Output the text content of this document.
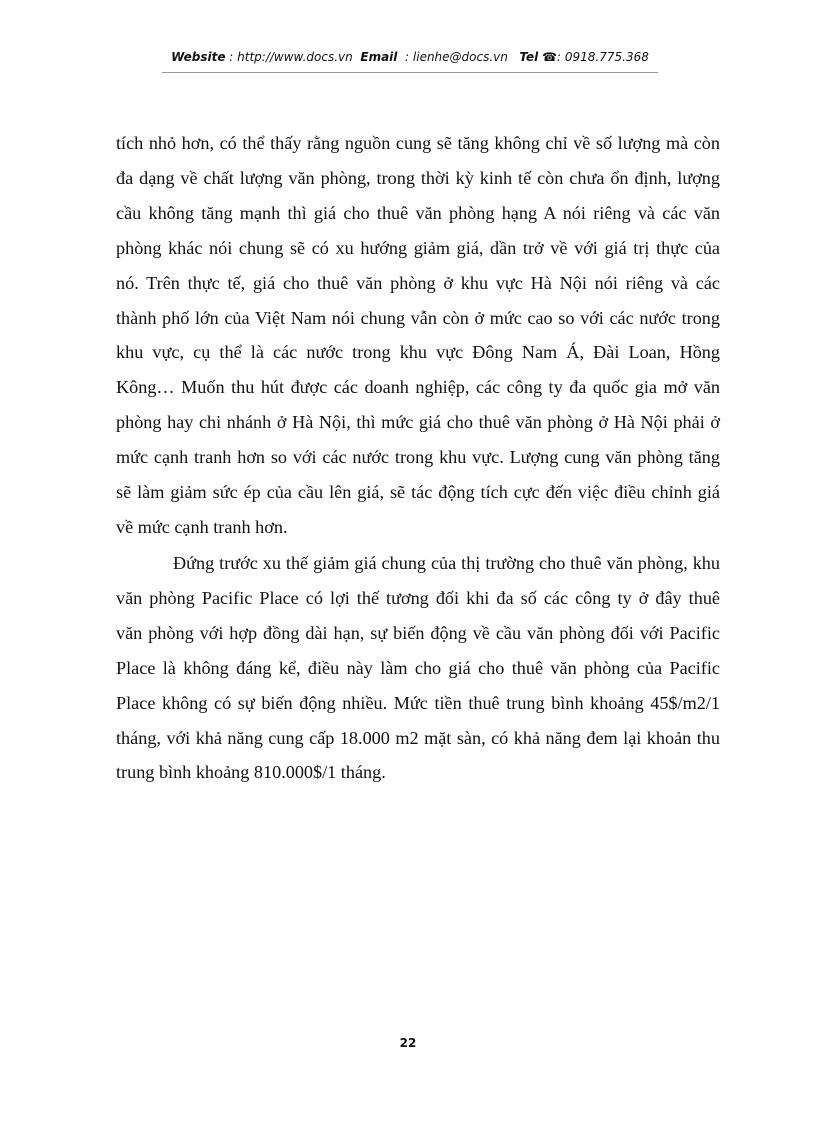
Website : http://www.docs.vn Email : lienhe@docs.vn Tel ☎: 0918.775.368
tích nhỏ hơn, có thể thấy rằng nguồn cung sẽ tăng không chỉ về số lượng mà còn
đa dạng về chất lượng văn phòng, trong thời kỳ kinh tế còn chưa ổn định, lượng
cầu không tăng mạnh thì giá cho thuê văn phòng hạng A nói riêng và các văn
phòng khác nói chung sẽ có xu hướng giảm giá, dần trở về với giá trị thực của
nó. Trên thực tế, giá cho thuê văn phòng ở khu vực Hà Nội nói riêng và các
thành phố lớn của Việt Nam nói chung vẫn còn ở mức cao so với các nước trong
khu vực, cụ thể là các nước trong khu vực Đông Nam Á, Đài Loan, Hồng
Kông… Muốn thu hút được các doanh nghiệp, các công ty đa quốc gia mở văn
phòng hay chi nhánh ở Hà Nội, thì mức giá cho thuê văn phòng ở Hà Nội phải ở
mức cạnh tranh hơn so với các nước trong khu vực. Lượng cung văn phòng tăng
sẽ làm giảm sức ép của cầu lên giá, sẽ tác động tích cực đến việc điều chỉnh giá
về mức cạnh tranh hơn.
Đứng trước xu thế giảm giá chung của thị trường cho thuê văn phòng, khu
văn phòng Pacific Place có lợi thế tương đối khi đa số các công ty ở đây thuê
văn phòng với hợp đồng dài hạn, sự biến động về cầu văn phòng đối với Pacific
Place là không đáng kể, điều này làm cho giá cho thuê văn phòng của Pacific
Place không có sự biến động nhiều. Mức tiền thuê trung bình khoảng 45$/m2/1
tháng, với khả năng cung cấp 18.000 m2 mặt sàn, có khả năng đem lại khoản thu
trung bình khoảng 810.000$/1 tháng.
22
